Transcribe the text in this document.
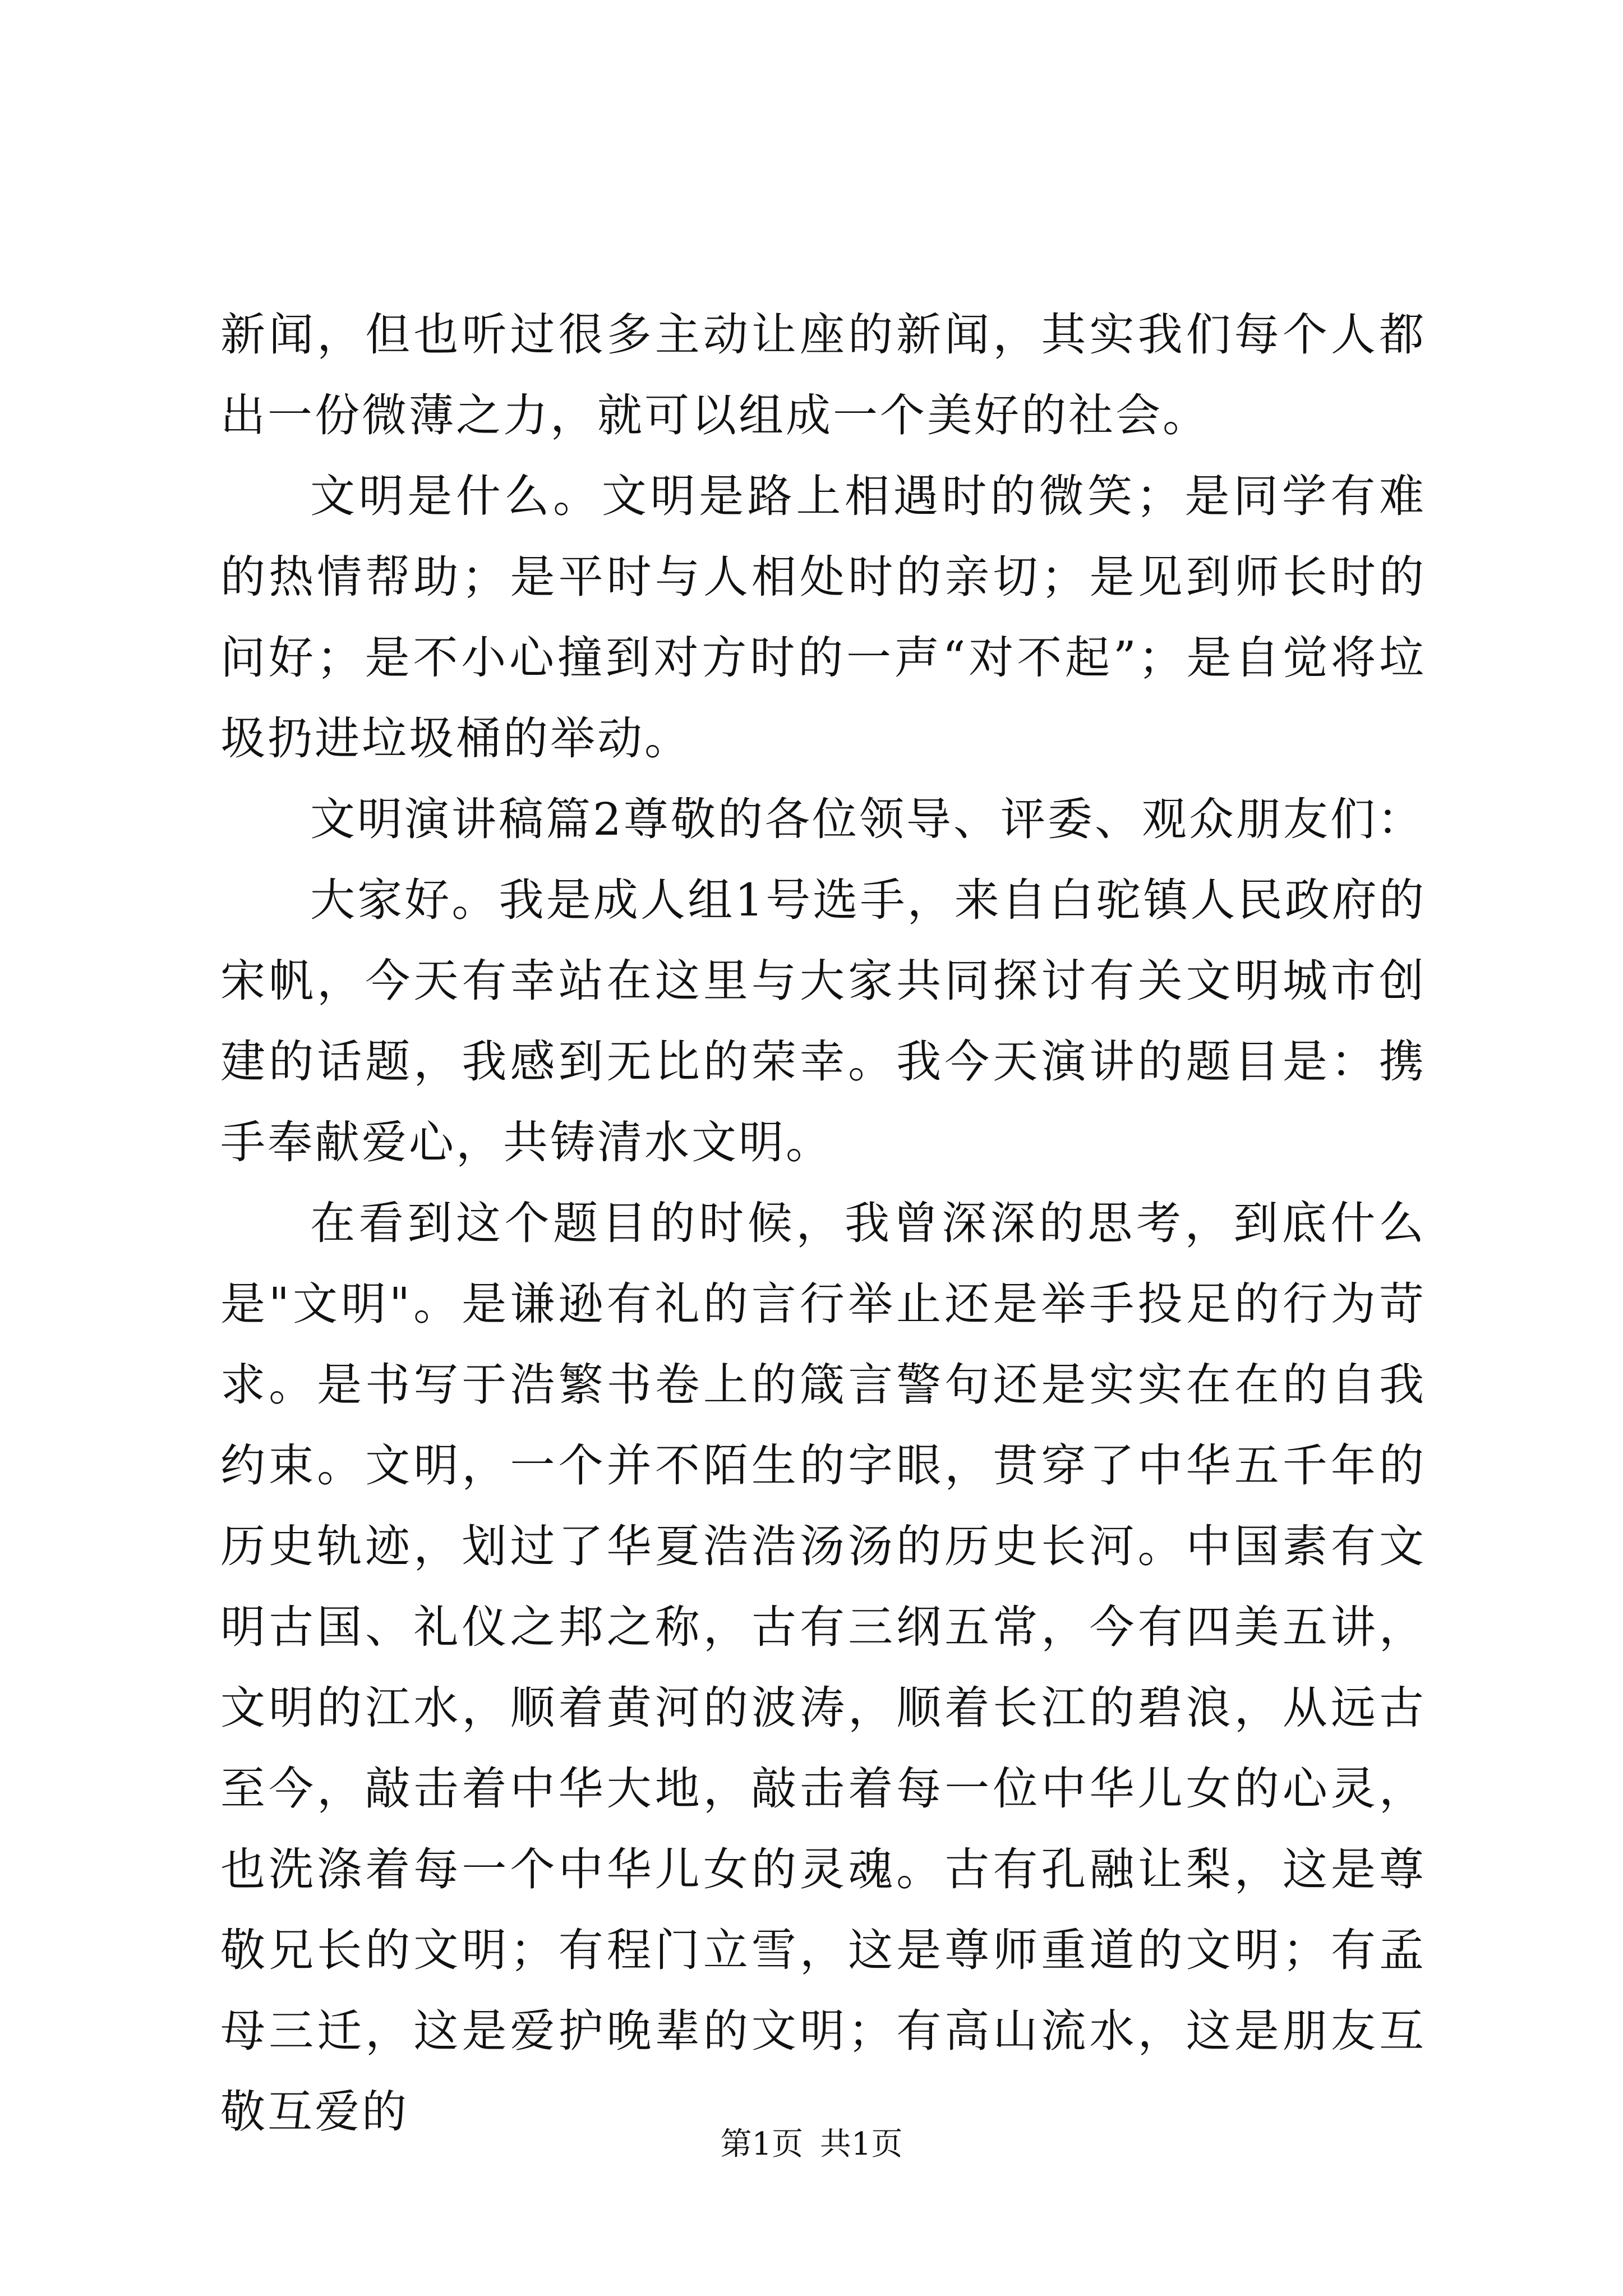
新闻，但也听过很多主动让座的新闻，其实我们每个人都出一份微薄之力，就可以组成一个美好的社会。

文明是什么。文明是路上相遇时的微笑；是同学有难的热情帮助；是平时与人相处时的亲切；是见到师长时的问好；是不小心撞到对方时的一声“对不起”；是自觉将垃圾扔进垃圾桶的举动。

文明演讲稿篇2尊敬的各位领导、评委、观众朋友们：

大家好。我是成人组1号选手，来自白驼镇人民政府的宋帆，今天有幸站在这里与大家共同探讨有关文明城市创建的话题，我感到无比的荣幸。我今天演讲的题目是：携手奉献爱心，共铸清水文明。

在看到这个题目的时候，我曾深深的思考，到底什么是"文明"。是谦逊有礼的言行举止还是举手投足的行为苛求。是书写于浩繁书卷上的箴言警句还是实实在在的自我约束。文明，一个并不陌生的字眼，贯穿了中华五千年的历史轨迹，划过了华夏浩浩汤汤的历史长河。中国素有文明古国、礼仪之邦之称，古有三纲五常，今有四美五讲，文明的江水，顺着黄河的波涛，顺着长江的碧浪，从远古至今，敲击着中华大地，敲击着每一位中华儿女的心灵，也洗涤着每一个中华儿女的灵魂。古有孔融让梨，这是尊敬兄长的文明；有程门立雪，这是尊师重道的文明；有孟母三迁，这是爱护晚辈的文明；有高山流水，这是朋友互敬互爱的

第1页 共1页
